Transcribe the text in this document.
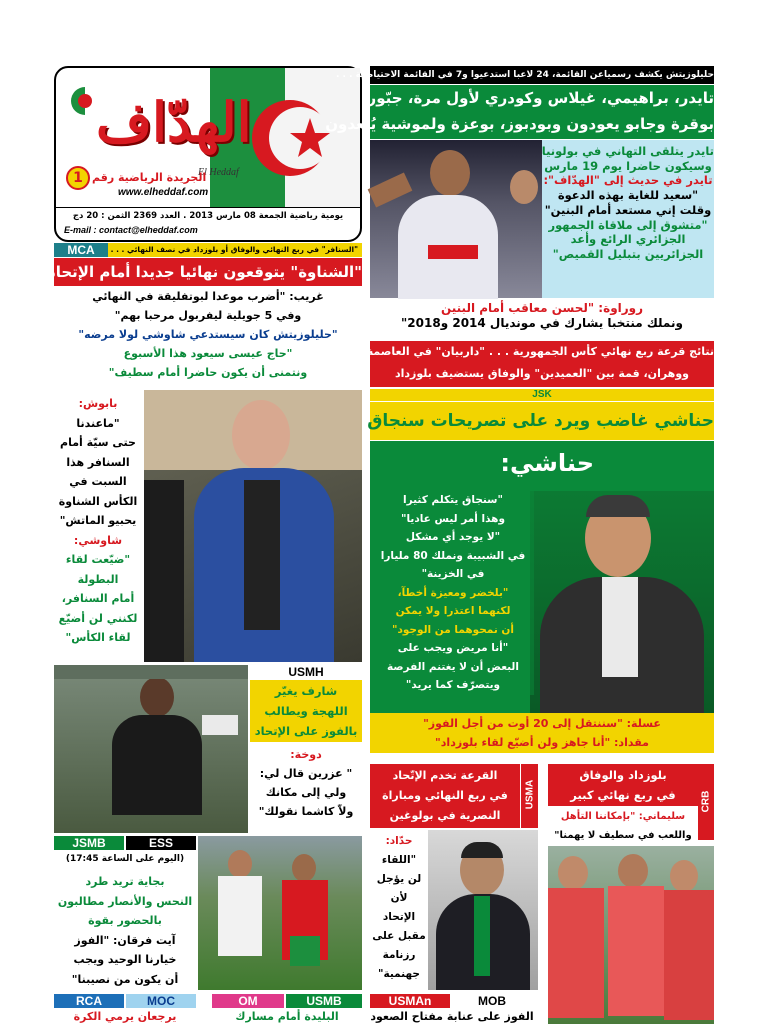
الهدّاف
El Heddaf
الجريدة الرياضية رقم
1
www.elheddaf.com
يومية رياضية الجمعة 08 مارس 2013 . العدد 2369 الثمن : 20 دج
E-mail : contact@elheddaf.com
حليلوزيتش يكشف رسمياعن القائمة، 24 لاعبا استدعيوا و7 في القائمة الاحتياطية . . .
تايدر، براهيمي، غيلاس وكودري لأول مرة، جبّور،
بوقرة وجابو يعودون وبودبوز، بوعزة ولموشية يُبعدون
تايدر يتلقى التهاني في بولونيا
وسيكون حاضرا يوم 19 مارس
تايدر في حديث إلى "الهدّاف":
"سعيد للغاية بهذه الدعوة
وقلت إني مستعد أمام البنين"
"متشوق إلى ملاقاة الجمهور
الجزائري الرائع وأعد
الجزائريين بتبليل القميص"
روراوة: "لحسن معاقب أمام البنين
ونملك منتخبا يشارك في مونديال 2014 و2018"
MCA	"السنافر" في ربع النهائي والوفاق أو بلوزداد في نصف النهائي . . .
"الشناوة" يتوقعون نهائيا جديدا أمام الإتحاد
غريب: "أضرب موعدا لبوتفليقة في النهائي
وفي 5 جويلية ليفربول مرحبا بهم"
"حليلوزيتش كان سيستدعي شاوشي لولا مرضه"
"حاج عيسى سيعود هذا الأسبوع
ونتمنى أن يكون حاضرا أمام سطيف"
نتائج قرعة ربع نهائي كأس الجمهورية . . . "داربيان" في العاصمة
ووهران، قمة بين "العميدين" والوفاق يستضيف بلوزداد
بابوش:
"ماعندنا
حتى سيّة أمام
السنافر هذا
السبت في
الكأس الشناوة
يحبيو الماتش"
شاوشي:
"ضيّعت لقاء
البطولة
أمام السنافر،
لكنني لن أضيّع
لقاء الكأس"
JSK
حناشي غاضب ويرد على تصريحات سنجاق
حناشي:
"سنجاق يتكلم كثيرا
وهذا أمر ليس عاديا"
"لا يوجد أي مشكل
في الشبيبة ونملك 80 مليارا
في الخزينة"
"بلخضر ومعيزة أخطآ،
لكنهما اعتذرا ولا يمكن
أن نمحوهما من الوجود"
"أنا مريض ويجب على
البعض أن لا يغتنم الفرصة
ويتصرّف كما يريد"
عسلة: "سننتقل إلى 20 أوت من أجل الفوز"
مقداد: "أنا جاهز ولن أضيّع لقاء بلوزداد"
USMH
شارف يغيّر
اللهجة ويطالب
بالفوز على الإتحاد
دوخة:
" عزرين قال لي:
ولي إلى مكانك
ولاّ كاشما نقولك"
القرعة تخدم الإتّحاد
في ربع النهائي ومباراة
النصرية في بولوغين
USMA
حدّاد:
"اللقاء
لن يؤجل
لأن
الإتحاد
مقبل على
رزنامة
جهنمية"
CRB
بلوزداد والوفاق
في ربع نهائي كبير
سليماني: "بإمكاننا التأهل
واللعب في سطيف لا يهمنا"
JSMB	ESS
(اليوم على الساعة 17:45)
بجاية تريد طرد
النحس والأنصار مطالبون
بالحضور بقوة
آيت فرقان: "الفوز
خيارنا الوحيد ويجب
أن يكون من نصيبنا"
RCA	MOC	OM	USMB	USMAn	MOB
يرجعان يرمي الكرة	البليدة أمام مسارك	الفوز على عنابة مفتاح الصعود
